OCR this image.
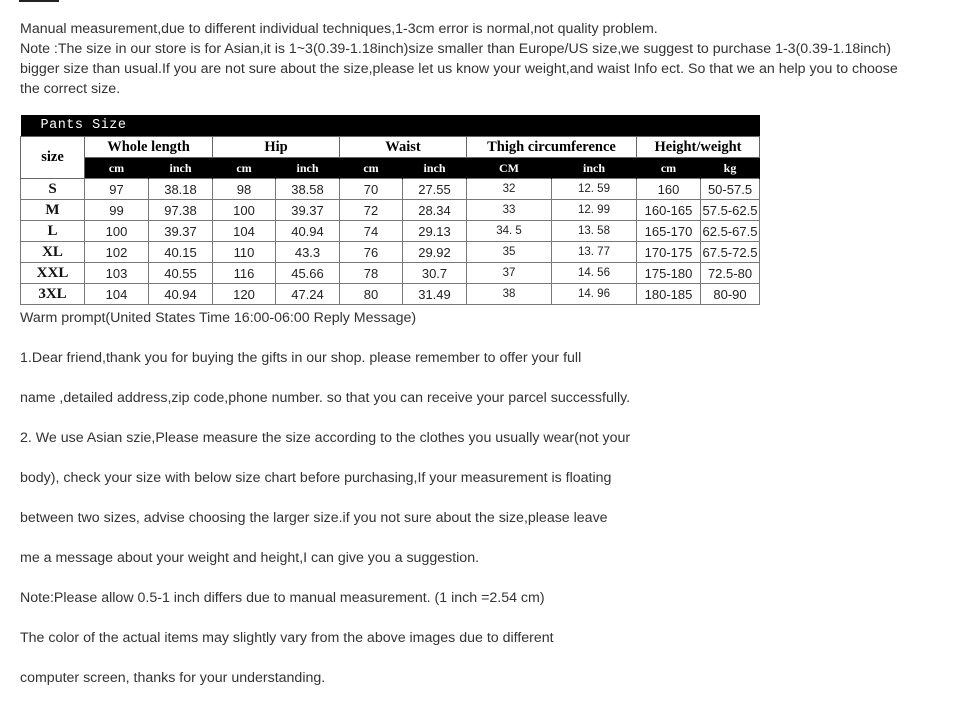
Manual measurement,due to different individual techniques,1-3cm error is normal,not quality problem.

Note :The size in our store is for Asian,it is 1~3(0.39-1.18inch)size smaller than Europe/US size,we suggest to purchase 1-3(0.39-1.18inch)

bigger size than usual.If you are not sure about the size,please let us know your weight,and waist Info ect. So that we an help you to choose

the correct size.

Pants Size										
size	Whole length		Hip		Waist		Thigh circumference		Height/weight	
	cm	inch	cm	inch	cm	inch	CM	inch	cm	kg
S	97	38.18	98	38.58	70	27.55	32	12. 59	160	50-57.5
M	99	97.38	100	39.37	72	28.34	33	12. 99	160-165	57.5-62.5
L	100	39.37	104	40.94	74	29.13	34. 5	13. 58	165-170	62.5-67.5
XL	102	40.15	110	43.3	76	29.92	35	13. 77	170-175	67.5-72.5
XXL	103	40.55	116	45.66	78	30.7	37	14. 56	175-180	72.5-80
3XL	104	40.94	120	47.24	80	31.49	38	14. 96	180-185	80-90
Warm prompt(United States Time 16:00-06:00 Reply Message)

1.Dear friend,thank you for buying the gifts in our shop. please remember to offer your full

name ,detailed address,zip code,phone number. so that you can receive your parcel successfully.

2. We use Asian szie,Please measure the size according to the clothes you usually wear(not your

body), check your size with below size chart before purchasing,If your measurement is floating

between two sizes, advise choosing the larger size.if you not sure about the size,please leave

me a message about your weight and height,I can give you a suggestion.

Note:Please allow 0.5-1 inch differs due to manual measurement. (1 inch =2.54 cm)

The color of the actual items may slightly vary from the above images due to different

computer screen, thanks for your understanding.
